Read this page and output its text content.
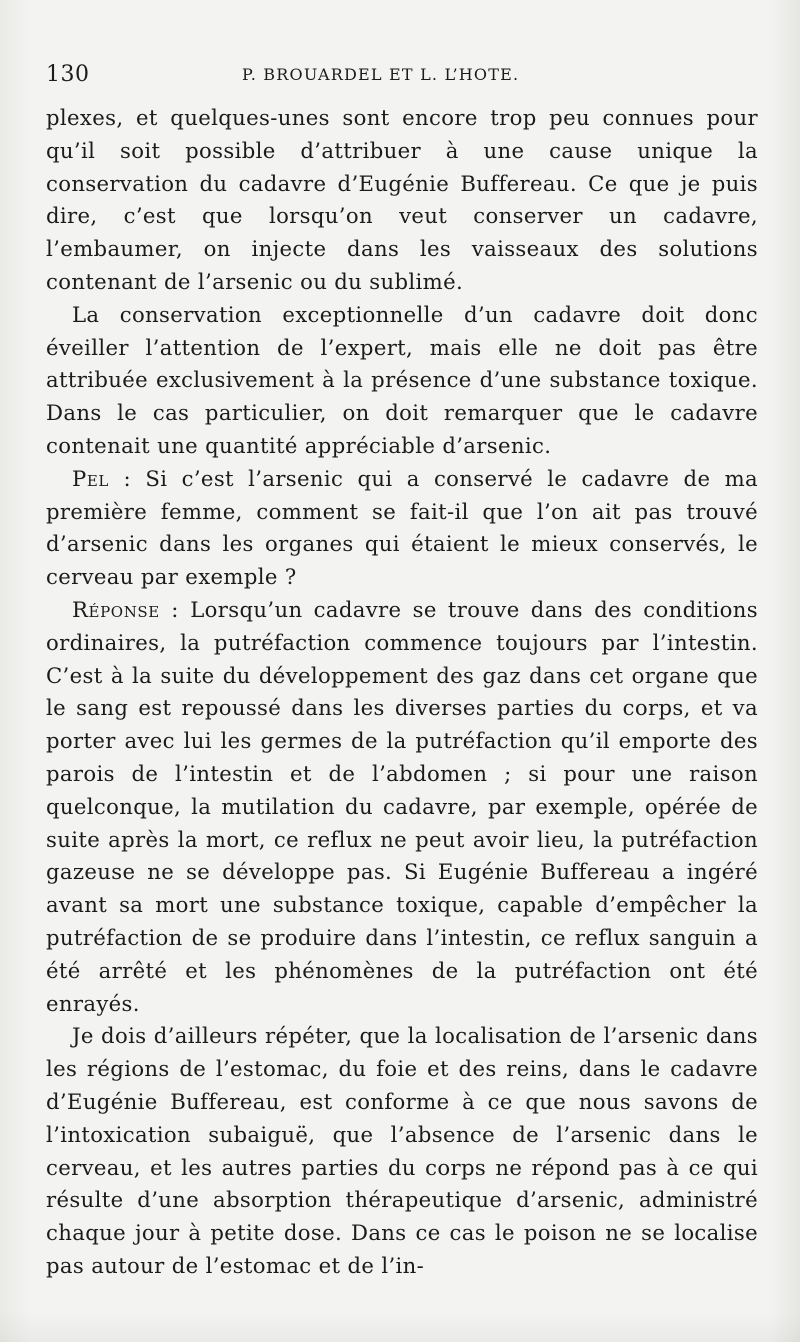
130	P. BROUARDEL ET L. L’HOTE.

plexes, et quelques-unes sont encore trop peu connues pour qu’il soit possible d’attribuer à une cause unique la conservation du cadavre d’Eugénie Buffereau. Ce que je puis dire, c’est que lorsqu’on veut conserver un cadavre, l’embaumer, on injecte dans les vaisseaux des solutions contenant de l’arsenic ou du sublimé.

La conservation exceptionnelle d’un cadavre doit donc éveiller l’attention de l’expert, mais elle ne doit pas être attribuée exclusivement à la présence d’une substance toxique. Dans le cas particulier, on doit remarquer que le cadavre contenait une quantité appréciable d’arsenic.

Pel : Si c’est l’arsenic qui a conservé le cadavre de ma première femme, comment se fait-il que l’on ait pas trouvé d’arsenic dans les organes qui étaient le mieux conservés, le cerveau par exemple ?

Réponse : Lorsqu’un cadavre se trouve dans des conditions ordinaires, la putréfaction commence toujours par l’intestin. C’est à la suite du développement des gaz dans cet organe que le sang est repoussé dans les diverses parties du corps, et va porter avec lui les germes de la putréfaction qu’il emporte des parois de l’intestin et de l’abdomen ; si pour une raison quelconque, la mutilation du cadavre, par exemple, opérée de suite après la mort, ce reflux ne peut avoir lieu, la putréfaction gazeuse ne se développe pas. Si Eugénie Buffereau a ingéré avant sa mort une substance toxique, capable d’empêcher la putréfaction de se produire dans l’intestin, ce reflux sanguin a été arrêté et les phénomènes de la putréfaction ont été enrayés.

Je dois d’ailleurs répéter, que la localisation de l’arsenic dans les régions de l’estomac, du foie et des reins, dans le cadavre d’Eugénie Buffereau, est conforme à ce que nous savons de l’intoxication subaiguë, que l’absence de l’arsenic dans le cerveau, et les autres parties du corps ne répond pas à ce qui résulte d’une absorption thérapeutique d’arsenic, administré chaque jour à petite dose. Dans ce cas le poison ne se localise pas autour de l’estomac et de l’in-
